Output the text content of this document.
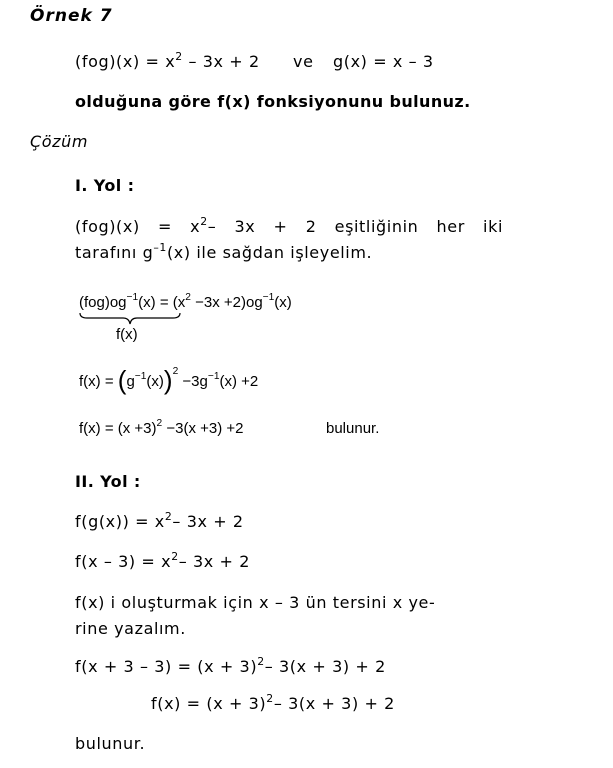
Örnek 7
$(fog)(x) = x^2 - 3x + 2$ ve g(x) = x – 3
olduğuna göre f(x) fonksiyonunu bulunuz.
Çözüm
I. Yol :
$(fog)(x) = x^2-$ 3x + 2 eşitliğinin her iki
tarafını $g^{-1}(x)$ ile sağdan işleyelim.
$(fog)og^{-1}(x) = (x^2 -3x +2)og^{-1}(x)$
f(x)
$f(x) = (g^{-1}(x))^2 -3g^{-1}(x) +2$
$f(x) = (x +3)^2 -3(x +3) +2$	bulunur.
II. Yol :
$f(g(x)) = x^2-$ 3x + 2
$f(x - 3) = x^2-$ 3x + 2
f(x) i oluşturmak için x – 3 ün tersini x ye-
rine yazalım.
$f(x + 3 - 3) = (x + 3)^2-$ 3(x + 3) + 2
$f(x) = (x + 3)^2-$ 3(x + 3) + 2
bulunur.
